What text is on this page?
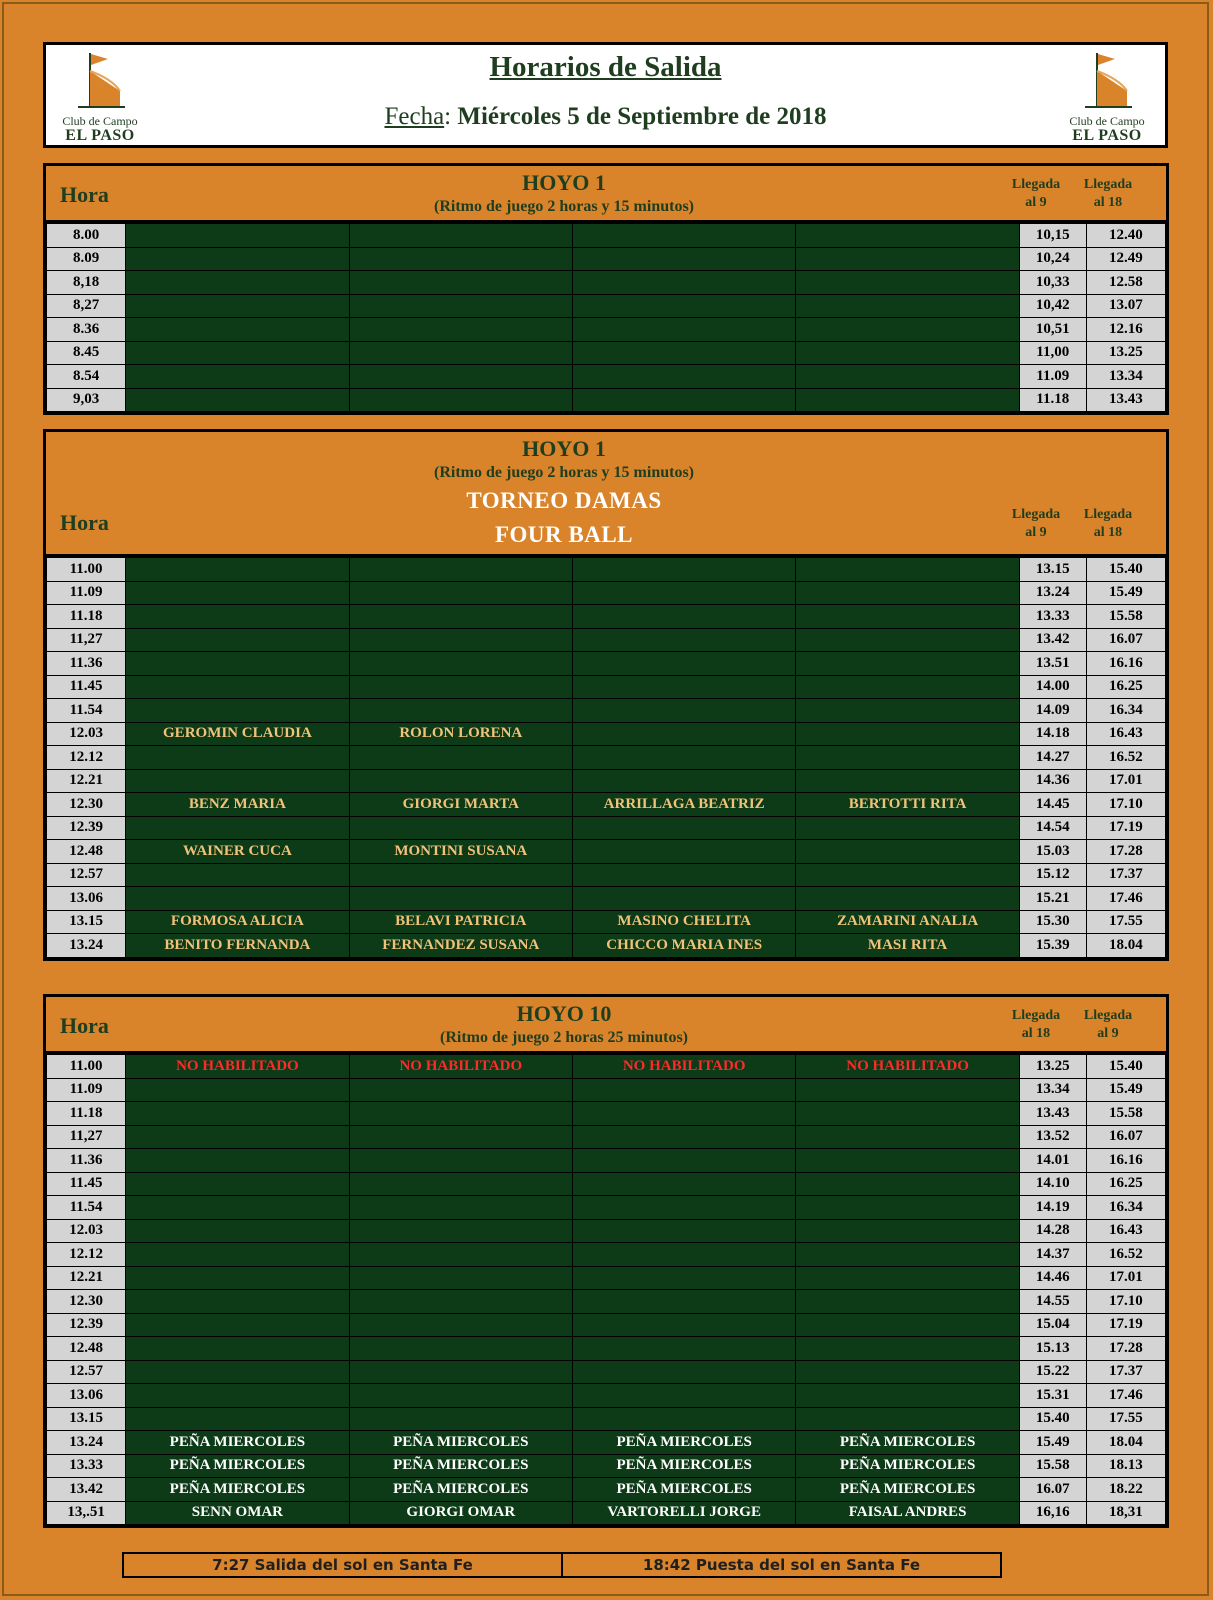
Club de Campo
EL PASO
Horarios de Salida
Fecha: Miércoles 5 de Septiembre de 2018	Club de Campo
EL PASO
Hora	HOYO 1
(Ritmo de juego 2 horas y 15 minutos)
Llegada
al 9
Llegada
al 18
8.00					10,15	12.40
8.09					10,24	12.49
8,18					10,33	12.58
8,27					10,42	13.07
8.36					10,51	12.16
8.45					11,00	13.25
8.54					11.09	13.34
9,03					11.18	13.43
Hora
HOYO 1
(Ritmo de juego 2 horas y 15 minutos)
TORNEO DAMAS
FOUR BALL
Llegada
al 9
Llegada
al 18
11.00					13.15	15.40
11.09					13.24	15.49
11.18					13.33	15.58
11,27					13.42	16.07
11.36					13.51	16.16
11.45					14.00	16.25
11.54					14.09	16.34
12.03	GEROMIN CLAUDIA	ROLON LORENA			14.18	16.43
12.12					14.27	16.52
12.21					14.36	17.01
12.30	BENZ MARIA	GIORGI MARTA	ARRILLAGA BEATRIZ	BERTOTTI RITA	14.45	17.10
12.39					14.54	17.19
12.48	WAINER CUCA	MONTINI SUSANA			15.03	17.28
12.57					15.12	17.37
13.06					15.21	17.46
13.15	FORMOSA ALICIA	BELAVI PATRICIA	MASINO CHELITA	ZAMARINI ANALIA	15.30	17.55
13.24	BENITO FERNANDA	FERNANDEZ SUSANA	CHICCO MARIA INES	MASI RITA	15.39	18.04
Hora	HOYO 10
(Ritmo de juego 2 horas 25 minutos)
Llegada
al 18
Llegada
al 9
11.00	NO HABILITADO	NO HABILITADO	NO HABILITADO	NO HABILITADO	13.25	15.40
11.09					13.34	15.49
11.18					13.43	15.58
11,27					13.52	16.07
11.36					14.01	16.16
11.45					14.10	16.25
11.54					14.19	16.34
12.03					14.28	16.43
12.12					14.37	16.52
12.21					14.46	17.01
12.30					14.55	17.10
12.39					15.04	17.19
12.48					15.13	17.28
12.57					15.22	17.37
13.06					15.31	17.46
13.15					15.40	17.55
13.24	PEÑA MIERCOLES	PEÑA MIERCOLES	PEÑA MIERCOLES	PEÑA MIERCOLES	15.49	18.04
13.33	PEÑA MIERCOLES	PEÑA MIERCOLES	PEÑA MIERCOLES	PEÑA MIERCOLES	15.58	18.13
13.42	PEÑA MIERCOLES	PEÑA MIERCOLES	PEÑA MIERCOLES	PEÑA MIERCOLES	16.07	18.22
13,.51	SENN OMAR	GIORGI OMAR	VARTORELLI JORGE	FAISAL ANDRES	16,16	18,31
7:27 Salida del sol en Santa Fe	18:42 Puesta del sol en Santa Fe
